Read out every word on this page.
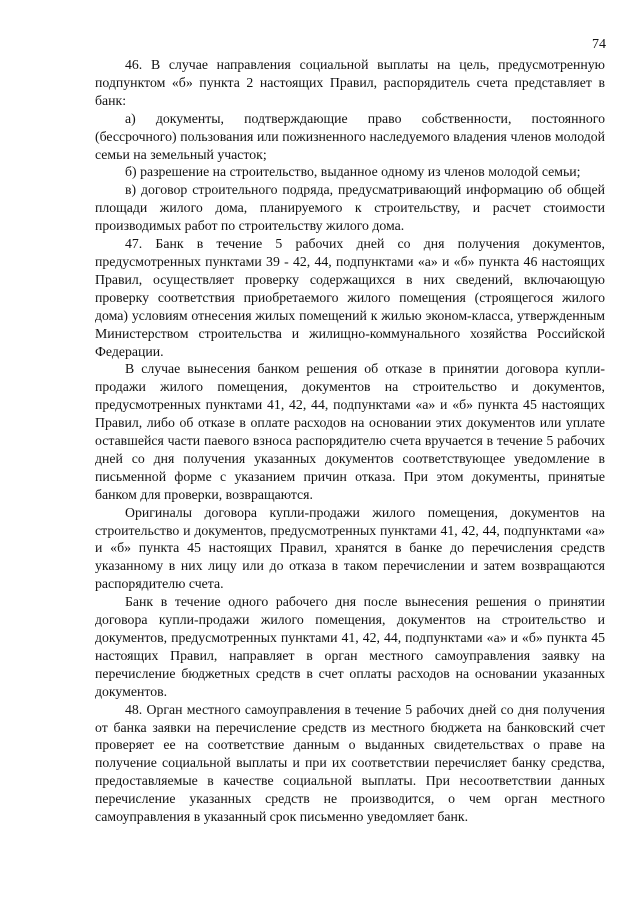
74

46. В случае направления социальной выплаты на цель, предусмотренную подпунктом «б» пункта 2 настоящих Правил, распорядитель счета представляет в банк:

а) документы, подтверждающие право собственности, постоянного (бессрочного) пользования или пожизненного наследуемого владения членов молодой семьи на земельный участок;

б) разрешение на строительство, выданное одному из членов молодой семьи;

в) договор строительного подряда, предусматривающий информацию об общей площади жилого дома, планируемого к строительству, и расчет стоимости производимых работ по строительству жилого дома.

47. Банк в течение 5 рабочих дней со дня получения документов, предусмотренных пунктами 39 - 42, 44, подпунктами «а» и «б» пункта 46 настоящих Правил, осуществляет проверку содержащихся в них сведений, включающую проверку соответствия приобретаемого жилого помещения (строящегося жилого дома) условиям отнесения жилых помещений к жилью эконом-класса, утвержденным Министерством строительства и жилищно-коммунального хозяйства Российской Федерации.

В случае вынесения банком решения об отказе в принятии договора купли-продажи жилого помещения, документов на строительство и документов, предусмотренных пунктами 41, 42, 44, подпунктами «а» и «б» пункта 45 настоящих Правил, либо об отказе в оплате расходов на основании этих документов или уплате оставшейся части паевого взноса распорядителю счета вручается в течение 5 рабочих дней со дня получения указанных документов соответствующее уведомление в письменной форме с указанием причин отказа. При этом документы, принятые банком для проверки, возвращаются.

Оригиналы договора купли-продажи жилого помещения, документов на строительство и документов, предусмотренных пунктами 41, 42, 44, подпунктами «а» и «б» пункта 45 настоящих Правил, хранятся в банке до перечисления средств указанному в них лицу или до отказа в таком перечислении и затем возвращаются распорядителю счета.

Банк в течение одного рабочего дня после вынесения решения о принятии договора купли-продажи жилого помещения, документов на строительство и документов, предусмотренных пунктами 41, 42, 44, подпунктами «а» и «б» пункта 45 настоящих Правил, направляет в орган местного самоуправления заявку на перечисление бюджетных средств в счет оплаты расходов на основании указанных документов.

48. Орган местного самоуправления в течение 5 рабочих дней со дня получения от банка заявки на перечисление средств из местного бюджета на банковский счет проверяет ее на соответствие данным о выданных свидетельствах о праве на получение социальной выплаты и при их соответствии перечисляет банку средства, предоставляемые в качестве социальной выплаты. При несоответствии данных перечисление указанных средств не производится, о чем орган местного самоуправления в указанный срок письменно уведомляет банк.
